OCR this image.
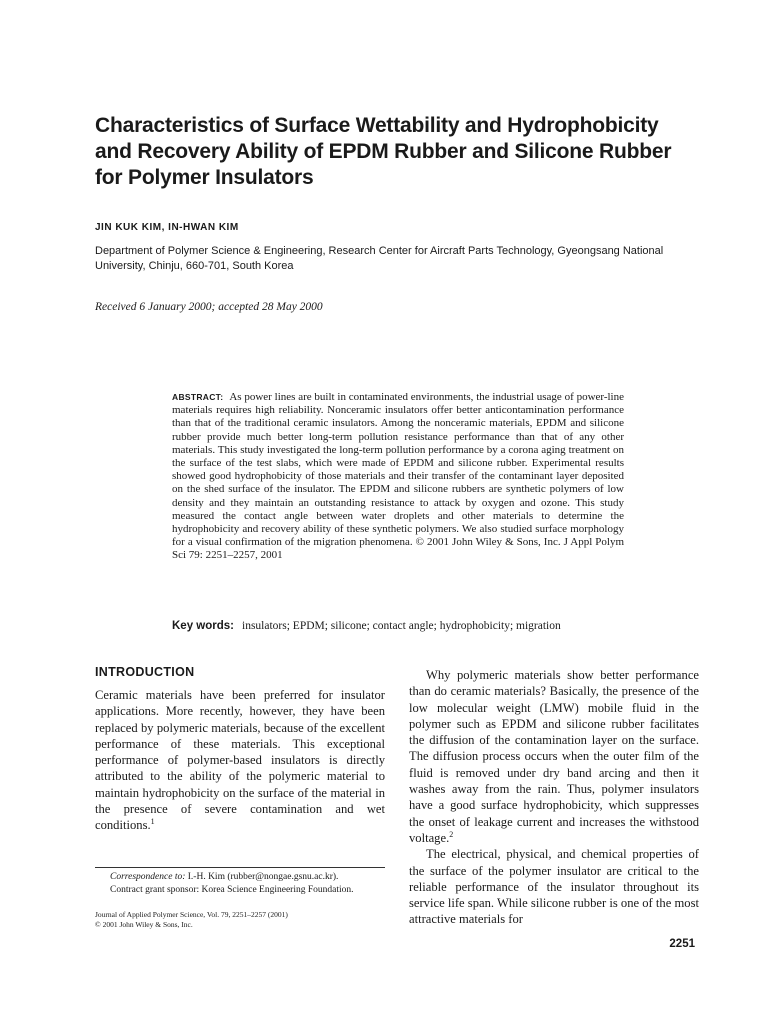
Characteristics of Surface Wettability and Hydrophobicity
and Recovery Ability of EPDM Rubber and Silicone Rubber
for Polymer Insulators
JIN KUK KIM, IN-HWAN KIM
Department of Polymer Science & Engineering, Research Center for Aircraft Parts Technology, Gyeongsang National
University, Chinju, 660-701, South Korea
Received 6 January 2000; accepted 28 May 2000
ABSTRACT: As power lines are built in contaminated environments, the industrial usage of power-line materials requires high reliability. Nonceramic insulators offer better anticontamination performance than that of the traditional ceramic insulators. Among the nonceramic materials, EPDM and silicone rubber provide much better long-term pollution resistance performance than that of any other materials. This study investigated the long-term pollution performance by a corona aging treatment on the surface of the test slabs, which were made of EPDM and silicone rubber. Experimental results showed good hydrophobicity of those materials and their transfer of the contaminant layer deposited on the shed surface of the insulator. The EPDM and silicone rubbers are synthetic polymers of low density and they maintain an outstanding resistance to attack by oxygen and ozone. This study measured the contact angle between water droplets and other materials to determine the hydrophobicity and recovery ability of these synthetic polymers. We also studied surface morphology for a visual confirmation of the migration phenomena. © 2001 John Wiley & Sons, Inc. J Appl Polym Sci 79: 2251–2257, 2001
Key words: insulators; EPDM; silicone; contact angle; hydrophobicity; migration
INTRODUCTION

Ceramic materials have been preferred for insulator applications. More recently, however, they have been replaced by polymeric materials, because of the excellent performance of these materials. This exceptional performance of polymer-based insulators is directly attributed to the ability of the polymeric material to maintain hydrophobicity on the surface of the material in the presence of severe contamination and wet conditions.$^1$

Why polymeric materials show better performance than do ceramic materials? Basically, the presence of the low molecular weight (LMW) mobile fluid in the polymer such as EPDM and silicone rubber facilitates the diffusion of the contamination layer on the surface. The diffusion process occurs when the outer film of the fluid is removed under dry band arcing and then it washes away from the rain. Thus, polymer insulators have a good surface hydrophobicity, which suppresses the onset of leakage current and increases the withstood voltage.$^2$

The electrical, physical, and chemical properties of the surface of the polymer insulator are critical to the reliable performance of the insulator throughout its service life span. While silicone rubber is one of the most attractive materials for

Correspondence to: I.-H. Kim (rubber@nongae.gsnu.ac.kr).

Contract grant sponsor: Korea Science Engineering Foundation.

Journal of Applied Polymer Science, Vol. 79, 2251–2257 (2001)
© 2001 John Wiley & Sons, Inc.
2251
